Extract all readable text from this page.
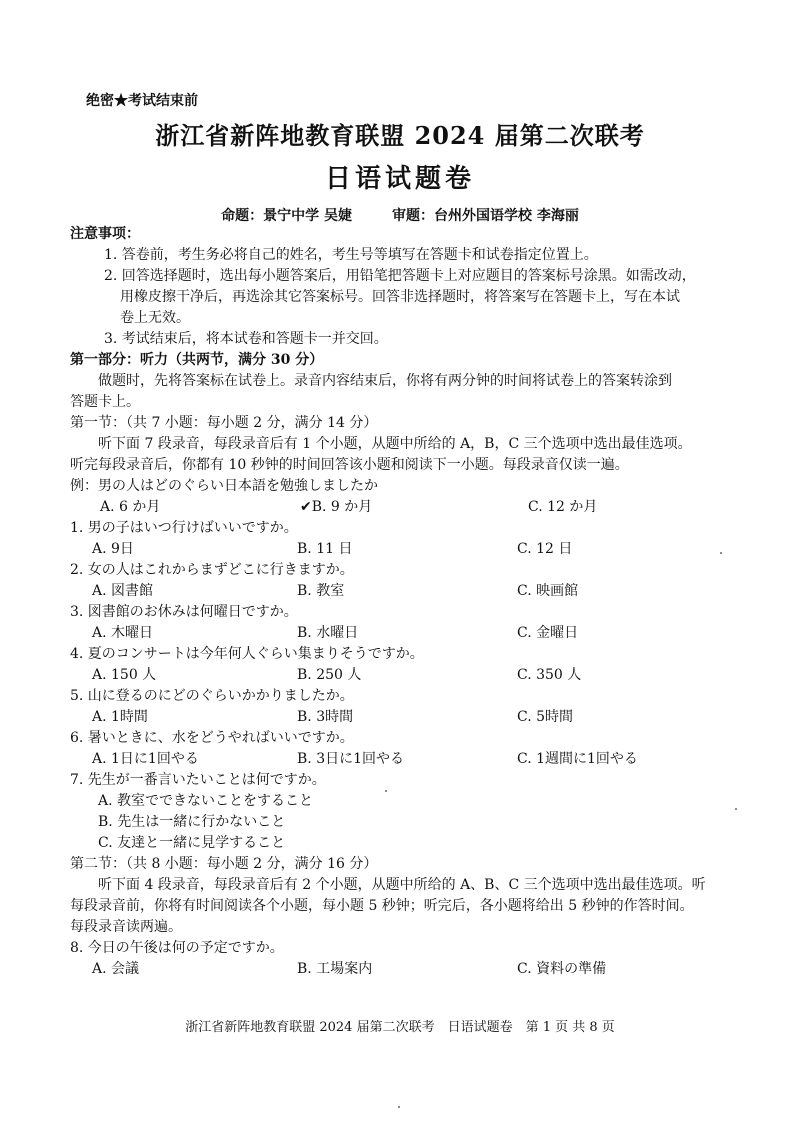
绝密★考试结束前
浙江省新阵地教育联盟 2024 届第二次联考
日语试题卷
命题：景宁中学 吴婕	审题：台州外国语学校 李海丽
注意事项：
1. 答卷前，考生务必将自己的姓名，考生号等填写在答题卡和试卷指定位置上。
2. 回答选择题时，选出每小题答案后，用铅笔把答题卡上对应题目的答案标号涂黑。如需改动，
用橡皮擦干净后，再选涂其它答案标号。回答非选择题时，将答案写在答题卡上，写在本试
卷上无效。
3. 考试结束后，将本试卷和答题卡一并交回。
第一部分：听力（共两节，满分 30 分）
做题时，先将答案标在试卷上。录音内容结束后，你将有两分钟的时间将试卷上的答案转涂到
答题卡上。
第一节：（共 7 小题：每小题 2 分，满分 14 分）
听下面 7 段录音，每段录音后有 1 个小题，从题中所给的 A，B，C 三个选项中选出最佳选项。
听完每段录音后，你都有 10 秒钟的时间回答该小题和阅读下一小题。每段录音仅读一遍。
例：男の人はどのぐらい日本語を勉強しましたか
A. 6 か月	✔B. 9 か月	C. 12 か月
1. 男の子はいつ行けばいいですか。
A. 9日	B. 11 日	C. 12 日
2. 女の人はこれからまずどこに行きますか。
A. 図書館	B. 教室	C. 映画館
3. 図書館のお休みは何曜日ですか。
A. 木曜日	B. 水曜日	C. 金曜日
4. 夏のコンサートは今年何人ぐらい集まりそうですか。
A. 150 人	B. 250 人	C. 350 人
5. 山に登るのにどのぐらいかかりましたか。
A. 1時間	B. 3時間	C. 5時間
6. 暑いときに、水をどうやればいいですか。
A. 1日に1回やる	B. 3日に1回やる	C. 1週間に1回やる
7. 先生が一番言いたいことは何ですか。
A. 教室でできないことをすること
B. 先生は一緒に行かないこと
C. 友達と一緒に見学すること
第二节：（共 8 小题：每小题 2 分，满分 16 分）
听下面 4 段录音，每段录音后有 2 个小题，从题中所给的 A、B、C 三个选项中选出最佳选项。听
每段录音前，你将有时间阅读各个小题，每小题 5 秒钟；听完后，各小题将给出 5 秒钟的作答时间。
每段录音读两遍。
8. 今日の午後は何の予定ですか。
A. 会議	B. 工場案内	C. 資料の準備
浙江省新阵地教育联盟 2024 届第二次联考　日语试题卷　第 1 页 共 8 页
